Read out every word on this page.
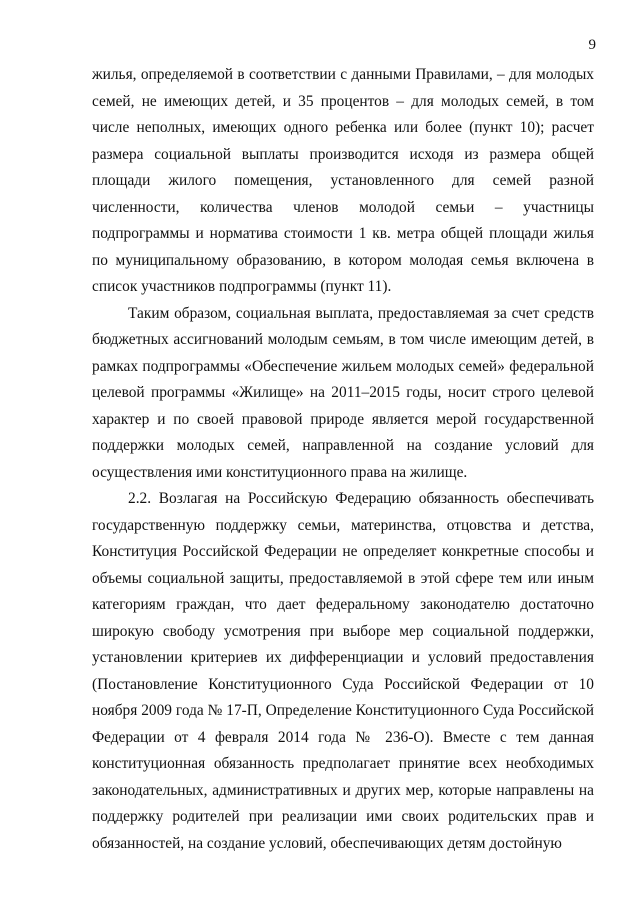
9

жилья, определяемой в соответствии с данными Правилами, – для молодых семей, не имеющих детей, и 35 процентов – для молодых семей, в том числе неполных, имеющих одного ребенка или более (пункт 10); расчет размера социальной выплаты производится исходя из размера общей площади жилого помещения, установленного для семей разной численности, количества членов молодой семьи – участницы подпрограммы и норматива стоимости 1 кв. метра общей площади жилья по муниципальному образованию, в котором молодая семья включена в список участников подпрограммы (пункт 11).

Таким образом, социальная выплата, предоставляемая за счет средств бюджетных ассигнований молодым семьям, в том числе имеющим детей, в рамках подпрограммы «Обеспечение жильем молодых семей» федеральной целевой программы «Жилище» на 2011–2015 годы, носит строго целевой характер и по своей правовой природе является мерой государственной поддержки молодых семей, направленной на создание условий для осуществления ими конституционного права на жилище.

2.2. Возлагая на Российскую Федерацию обязанность обеспечивать государственную поддержку семьи, материнства, отцовства и детства, Конституция Российской Федерации не определяет конкретные способы и объемы социальной защиты, предоставляемой в этой сфере тем или иным категориям граждан, что дает федеральному законодателю достаточно широкую свободу усмотрения при выборе мер социальной поддержки, установлении критериев их дифференциации и условий предоставления (Постановление Конституционного Суда Российской Федерации от 10 ноября 2009 года № 17-П, Определение Конституционного Суда Российской Федерации от 4 февраля 2014 года № 236-О). Вместе с тем данная конституционная обязанность предполагает принятие всех необходимых законодательных, административных и других мер, которые направлены на поддержку родителей при реализации ими своих родительских прав и обязанностей, на создание условий, обеспечивающих детям достойную
